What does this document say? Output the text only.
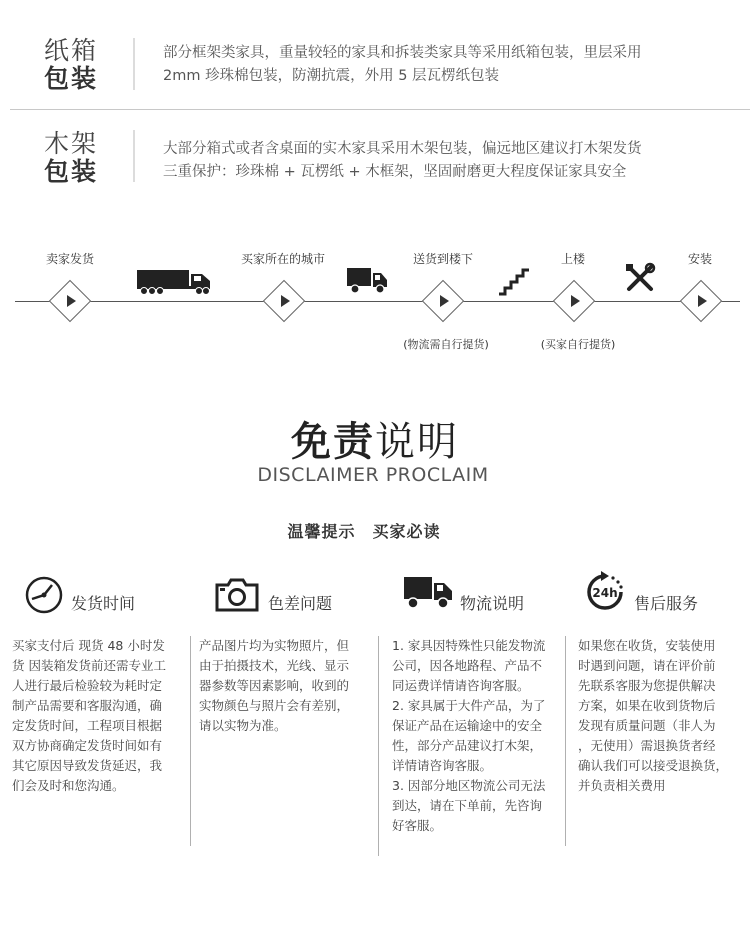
纸箱
包装
部分框架类家具，重量较轻的家具和拆装类家具等采用纸箱包装，里层采用
2mm 珍珠棉包装，防潮抗震，外用 5 层瓦楞纸包装
木架
包装
大部分箱式或者含桌面的实木家具采用木架包装，偏远地区建议打木架发货
三重保护：珍珠棉 + 瓦楞纸 + 木框架，坚固耐磨更大程度保证家具安全
卖家发货	买家所在的城市	送货到楼下	上楼	安装
(物流需自行提货)	(买家自行提货)
免责说明
DISCLAIMER PROCLAIM
温馨提示　买家必读
发货时间	色差问题	物流说明
24h
售后服务
买家支付后 现货 48 小时发
货 因装箱发货前还需专业工
人进行最后检验较为耗时定
制产品需要和客服沟通，确
定发货时间，工程项目根据
双方协商确定发货时间如有
其它原因导致发货延迟，我
们会及时和您沟通。
产品图片均为实物照片，但
由于拍摄技术，光线、显示
器参数等因素影响，收到的
实物颜色与照片会有差别，
请以实物为准。
1. 家具因特殊性只能发物流
公司，因各地路程、产品不
同运费详情请咨询客服。
2. 家具属于大件产品，为了
保证产品在运输途中的安全
性，部分产品建议打木架，
详情请咨询客服。
3. 因部分地区物流公司无法
到达，请在下单前，先咨询
好客服。
如果您在收货，安装使用
时遇到问题，请在评价前
先联系客服为您提供解决
方案，如果在收到货物后
发现有质量问题（非人为
，无使用）需退换货者经
确认我们可以接受退换货，
并负责相关费用
